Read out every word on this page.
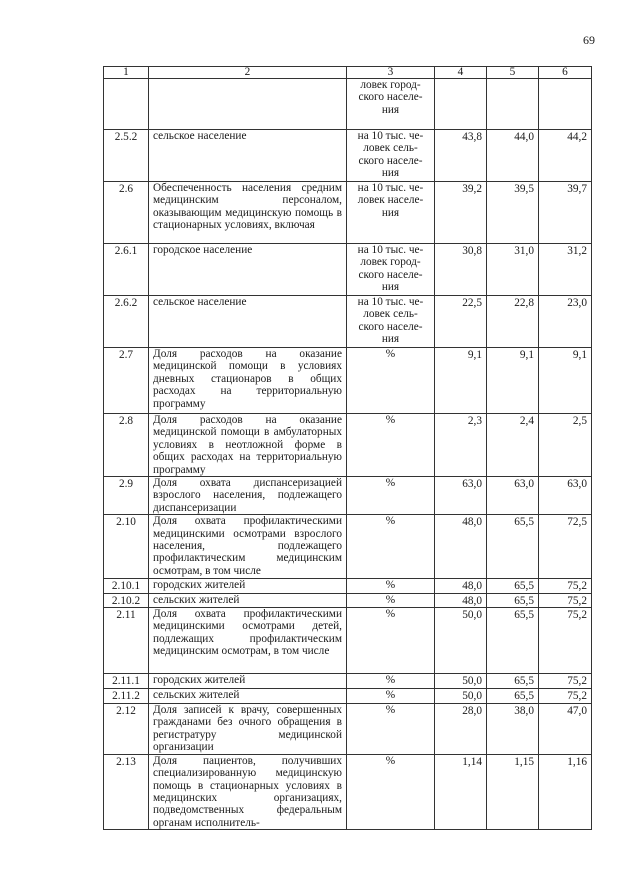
69
1	2	3	4	5	6
		ловек город-
ского населе-
ния			
2.5.2	сельское население	на 10 тыс. че-
ловек сель-
ского населе-
ния	43,8	44,0	44,2
2.6	Обеспеченность населения средним медицинским персоналом, оказывающим медицинскую помощь в стационарных условиях, включая	на 10 тыс. че-
ловек населе-
ния	39,2	39,5	39,7
2.6.1	городское население	на 10 тыс. че-
ловек город-
ского населе-
ния	30,8	31,0	31,2
2.6.2	сельское население	на 10 тыс. че-
ловек сель-
ского населе-
ния	22,5	22,8	23,0
2.7	Доля расходов на оказание медицинской помощи в условиях дневных стационаров в общих расходах на территориальную программу	%	9,1	9,1	9,1
2.8	Доля расходов на оказание медицинской помощи в амбулаторных условиях в неотложной форме в общих расходах на территориальную программу	%	2,3	2,4	2,5
2.9	Доля охвата диспансеризацией взрослого населения, подлежащего диспансеризации	%	63,0	63,0	63,0
2.10	Доля охвата профилактическими медицинскими осмотрами взрослого населения, подлежащего профилактическим медицинским осмотрам, в том числе	%	48,0	65,5	72,5
2.10.1	городских жителей	%	48,0	65,5	75,2
2.10.2	сельских жителей	%	48,0	65,5	75,2
2.11	Доля охвата профилактическими медицинскими осмотрами детей, подлежащих профилактическим медицинским осмотрам, в том числе	%	50,0	65,5	75,2
2.11.1	городских жителей	%	50,0	65,5	75,2
2.11.2	сельских жителей	%	50,0	65,5	75,2
2.12	Доля записей к врачу, совершенных гражданами без очного обращения в регистратуру медицинской организации	%	28,0	38,0	47,0
2.13	Доля пациентов, получивших специализированную медицинскую помощь в стационарных условиях в медицинских организациях, подведомственных федеральным органам исполнитель-	%	1,14	1,15	1,16
